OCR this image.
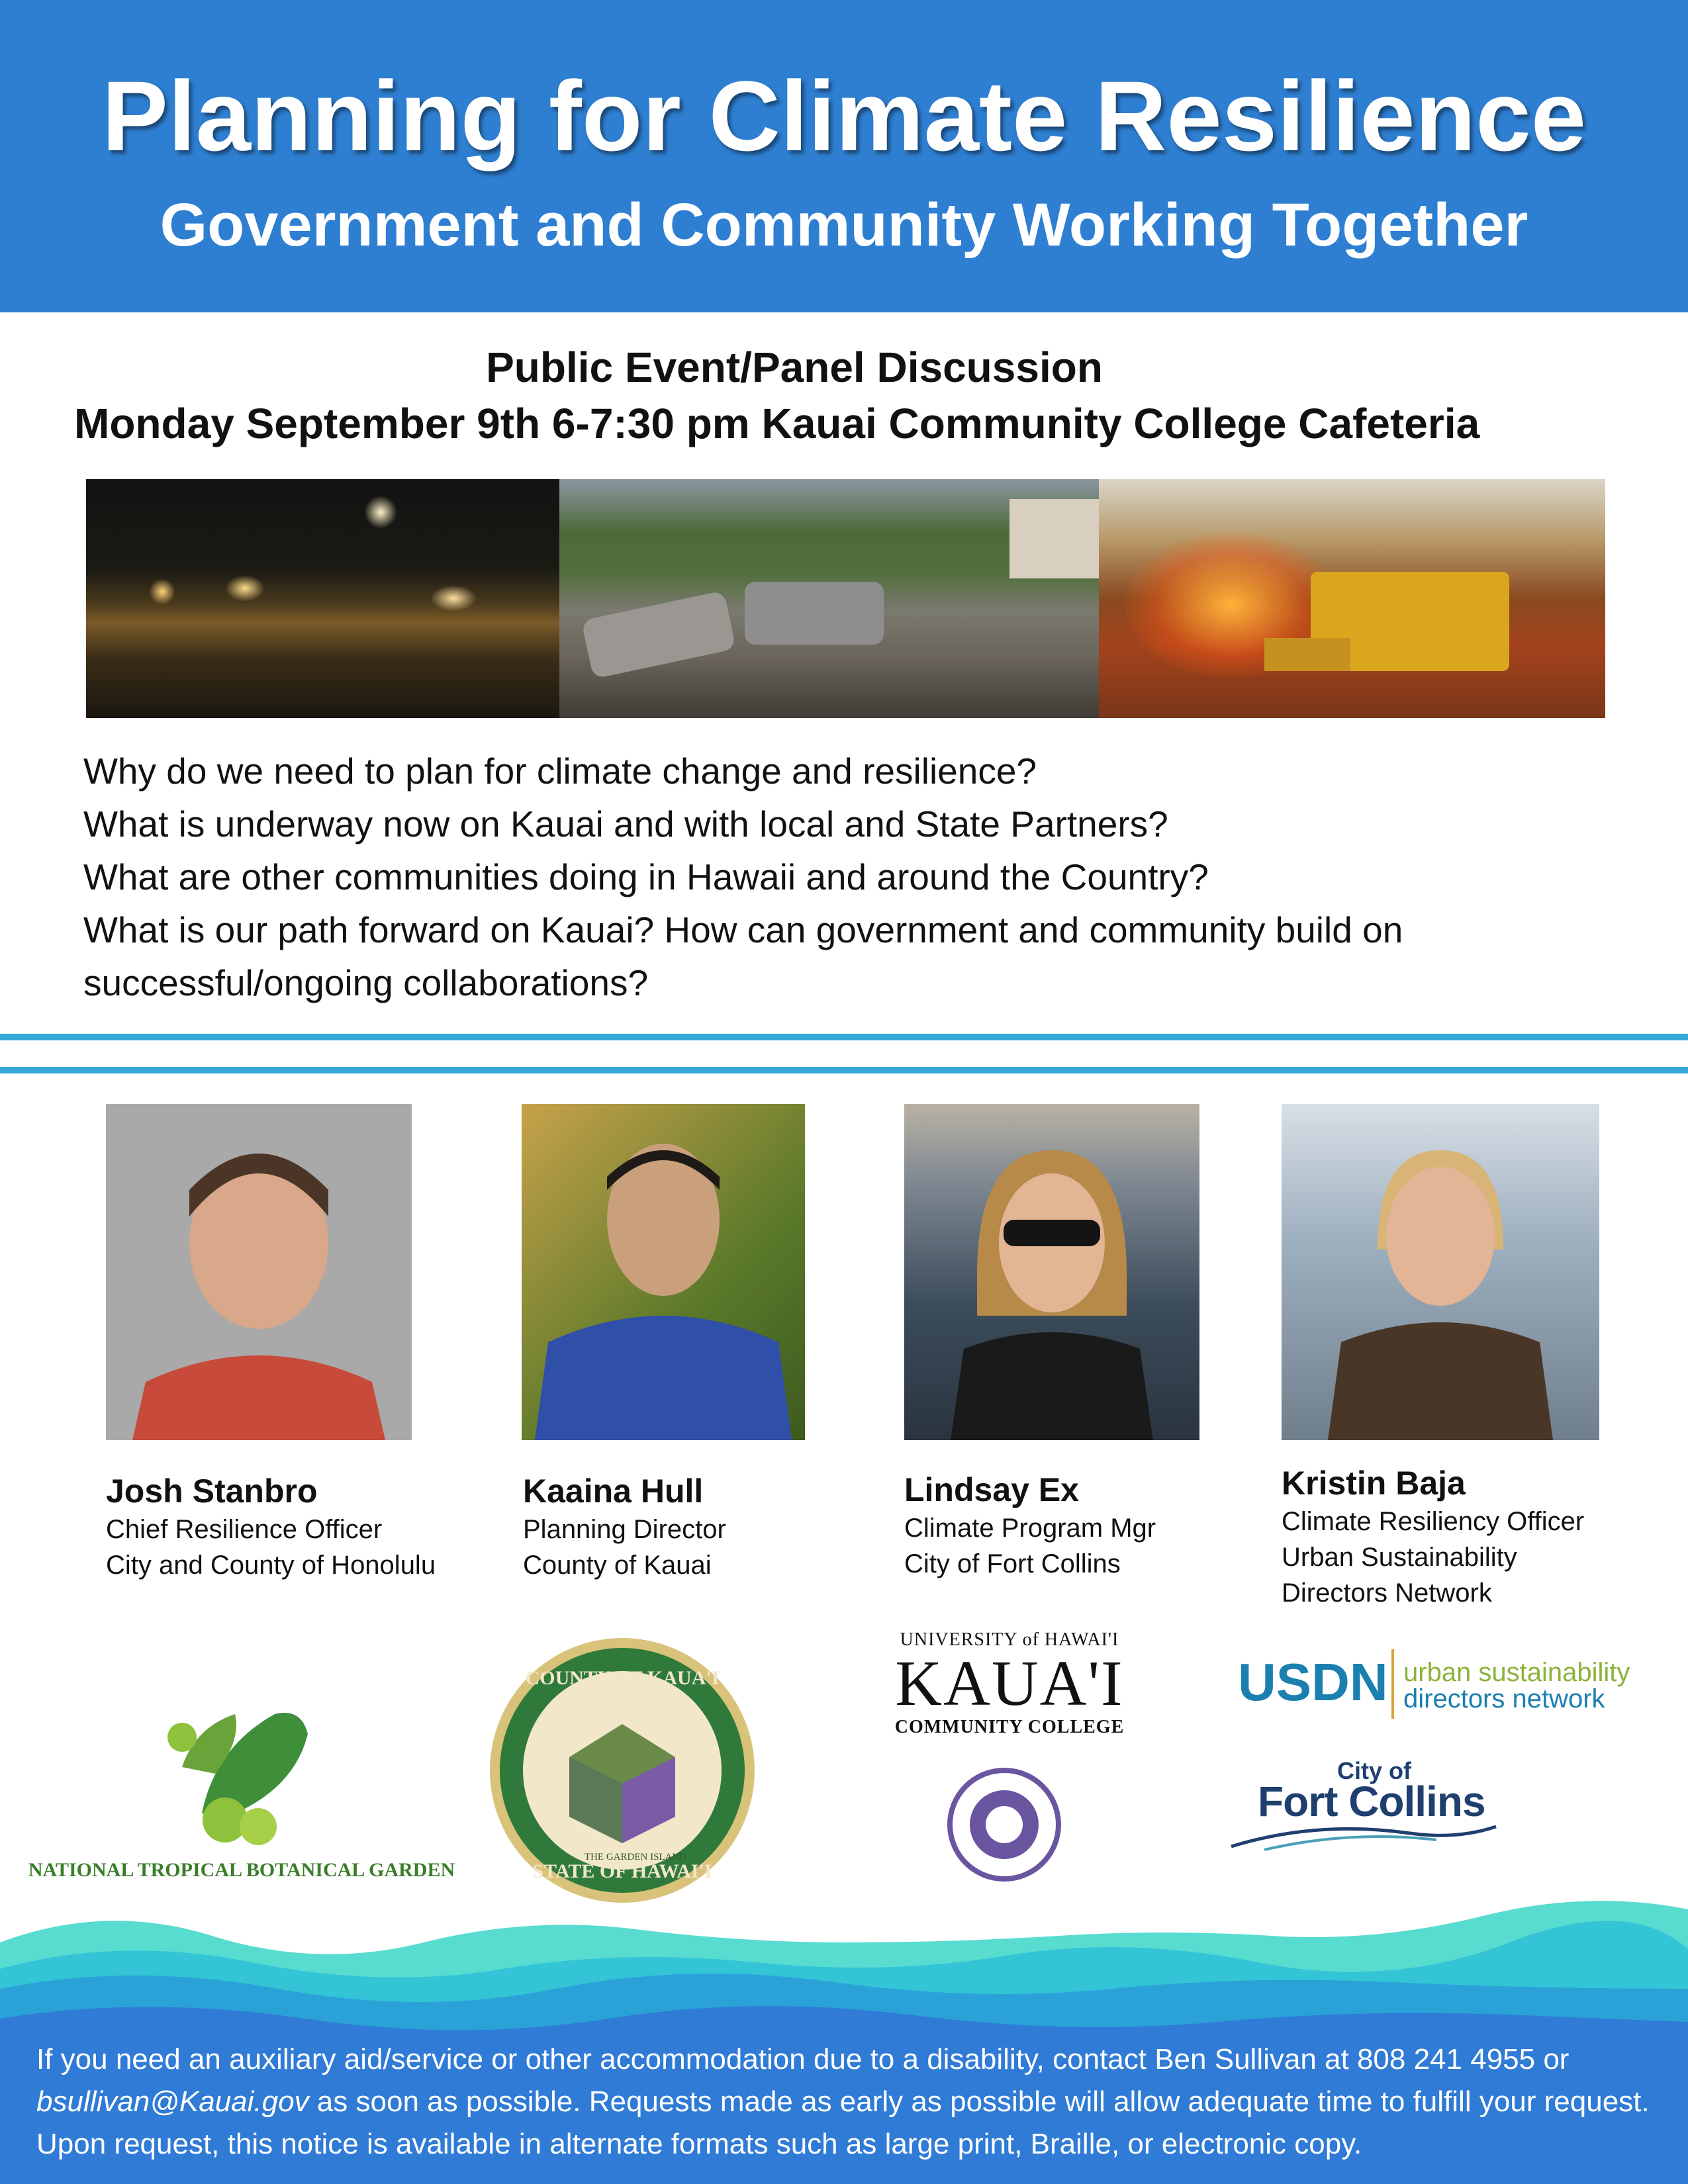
Planning for Climate Resilience
Government and Community Working Together
Public Event/Panel Discussion
Monday September 9th 6-7:30 pm Kauai Community College Cafeteria

Why do we need to plan for climate change and resilience?

What is underway now on Kauai and with local and State Partners?

What are other communities doing in Hawaii and around the Country?

What is our path forward on Kauai? How can government and community build on

successful/ongoing collaborations?

Josh Stanbro

Chief Resilience Officer

City and County of Honolulu

Kaaina Hull

Planning Director

County of Kauai

Lindsay Ex

Climate Program Mgr

City of Fort Collins

Kristin Baja

Climate Resiliency Officer

Urban Sustainability

Directors Network

NATIONAL TROPICAL BOTANICAL GARDEN
COUNTY OF KAUA'I
STATE OF HAWAI'I
THE GARDEN ISLAND
UNIVERSITY of HAWAI'I
KAUA'I
COMMUNITY COLLEGE
USDN urban sustainability
directors network
City of
Fort Collins

If you need an auxiliary aid/service or other accommodation due to a disability, contact Ben Sullivan at 808 241 4955 or
bsullivan@Kauai.gov as soon as possible. Requests made as early as possible will allow adequate time to fulfill your request. Upon request, this notice is available in alternate formats such as large print, Braille, or electronic copy.
